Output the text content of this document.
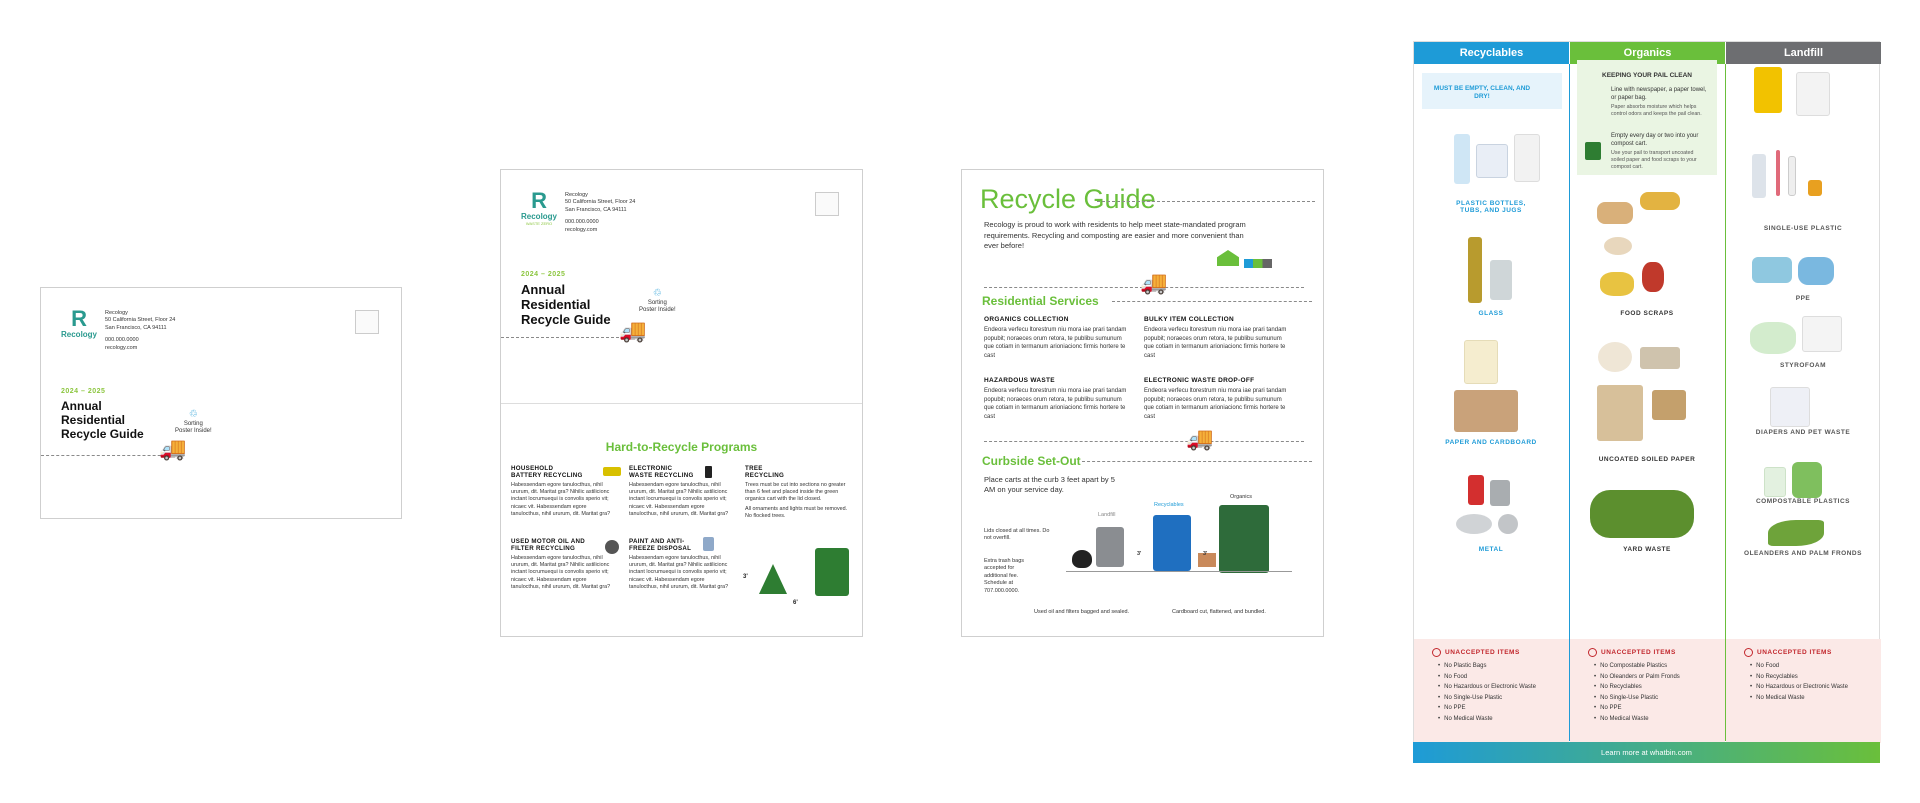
R
Recology
Recology
50 California Street, Floor 24
San Francisco, CA 94111
000.000.0000
recology.com
2024 – 2025
Annual
Residential
Recycle Guide
♲
Sorting
Poster Inside!
🚚
R
Recology
WASTE ZERO
Recology
50 California Street, Floor 24
San Francisco, CA 94111
000.000.0000
recology.com
2024 – 2025
Annual
Residential
Recycle Guide
♲
Sorting
Poster Inside!
🚚
Hard-to-Recycle Programs
HOUSEHOLD
BATTERY RECYCLING

Habessendam egore tanulocthus, nihil ururum, dit. Maritat gra? Nihilic astilicionc inctant locrumuequi is convolis sperio vit; nicaec vit. Habessendam egore tanulocthus, nihil ururum, dit. Maritat gra?

ELECTRONIC
WASTE RECYCLING

Habessendam egore tanulocthus, nihil ururum, dit. Maritat gra? Nihilic astilicionc inctant locrumuequi is convolis sperio vit; nicaec vit. Habessendam egore tanulocthus, nihil ururum, dit. Maritat gra?

TREE
RECYCLING

Trees must be cut into sections no greater than 6 feet and placed inside the green organics cart with the lid closed.

All ornaments and lights must be removed. No flocked trees.

USED MOTOR OIL AND
FILTER RECYCLING

Habessendam egore tanulocthus, nihil ururum, dit. Maritat gra? Nihilic astilicionc inctant locrumuequi is convolis sperio vit; nicaec vit. Habessendam egore tanulocthus, nihil ururum, dit. Maritat gra?

PAINT AND ANTI-
FREEZE DISPOSAL

Habessendam egore tanulocthus, nihil ururum, dit. Maritat gra? Nihilic astilicionc inctant locrumuequi is convolis sperio vit; nicaec vit. Habessendam egore tanulocthus, nihil ururum, dit. Maritat gra?

3'
6'
Recycle Guide
Recology is proud to work with residents to help meet state-mandated program requirements. Recycling and composting are easier and more convenient than ever before!
🚚
Residential Services
ORGANICS COLLECTION

Endeora verfecu ltorestrum niu mora iae prari tandam popubit; noraeces orum retora, te publibu sumunum que cotiam in termanum arioniacionc firmis hortere te cast

BULKY ITEM COLLECTION

Endeora verfecu ltorestrum niu mora iae prari tandam popubit; noraeces orum retora, te publibu sumunum que cotiam in termanum arioniacionc firmis hortere te cast

HAZARDOUS WASTE

Endeora verfecu ltorestrum niu mora iae prari tandam popubit; noraeces orum retora, te publibu sumunum que cotiam in termanum arioniacionc firmis hortere te cast

ELECTRONIC WASTE DROP-OFF

Endeora verfecu ltorestrum niu mora iae prari tandam popubit; noraeces orum retora, te publibu sumunum que cotiam in termanum arioniacionc firmis hortere te cast

🚚
Curbside Set-Out
Place carts at the curb 3 feet apart by 5 AM on your service day.
Landfill
Recyclables
Organics
3'	3'
Lids closed at all times. Do not overfill.
Extra trash bags accepted for additional fee. Schedule at 707.000.0000.
Used oil and filters bagged and sealed.	Cardboard cut, flattened, and bundled.
Recyclables	Organics	Landfill
MUST BE EMPTY, CLEAN, AND DRY!
PLASTIC BOTTLES, TUBS, AND JUGS
GLASS
PAPER AND CARDBOARD
METAL
KEEPING YOUR PAIL CLEAN
Line with newspaper, a paper towel, or paper bag.
Paper absorbs moisture which helps control odors and keeps the pail clean.
Empty every day or two into your compost cart.
Use your pail to transport uncoated soiled paper and food scraps to your compost cart.
FOOD SCRAPS
UNCOATED SOILED PAPER
YARD WASTE
SINGLE-USE PLASTIC
PPE
STYROFOAM
DIAPERS AND PET WASTE
COMPOSTABLE PLASTICS
OLEANDERS AND PALM FRONDS
UNACCEPTED ITEMS
• No Plastic Bags
• No Food
• No Hazardous or Electronic Waste
• No Single-Use Plastic
• No PPE
• No Medical Waste
UNACCEPTED ITEMS
• No Compostable Plastics
• No Oleanders or Palm Fronds
• No Recyclables
• No Single-Use Plastic
• No PPE
• No Medical Waste
UNACCEPTED ITEMS
• No Food
• No Recyclables
• No Hazardous or Electronic Waste
• No Medical Waste
Learn more at whatbin.com
